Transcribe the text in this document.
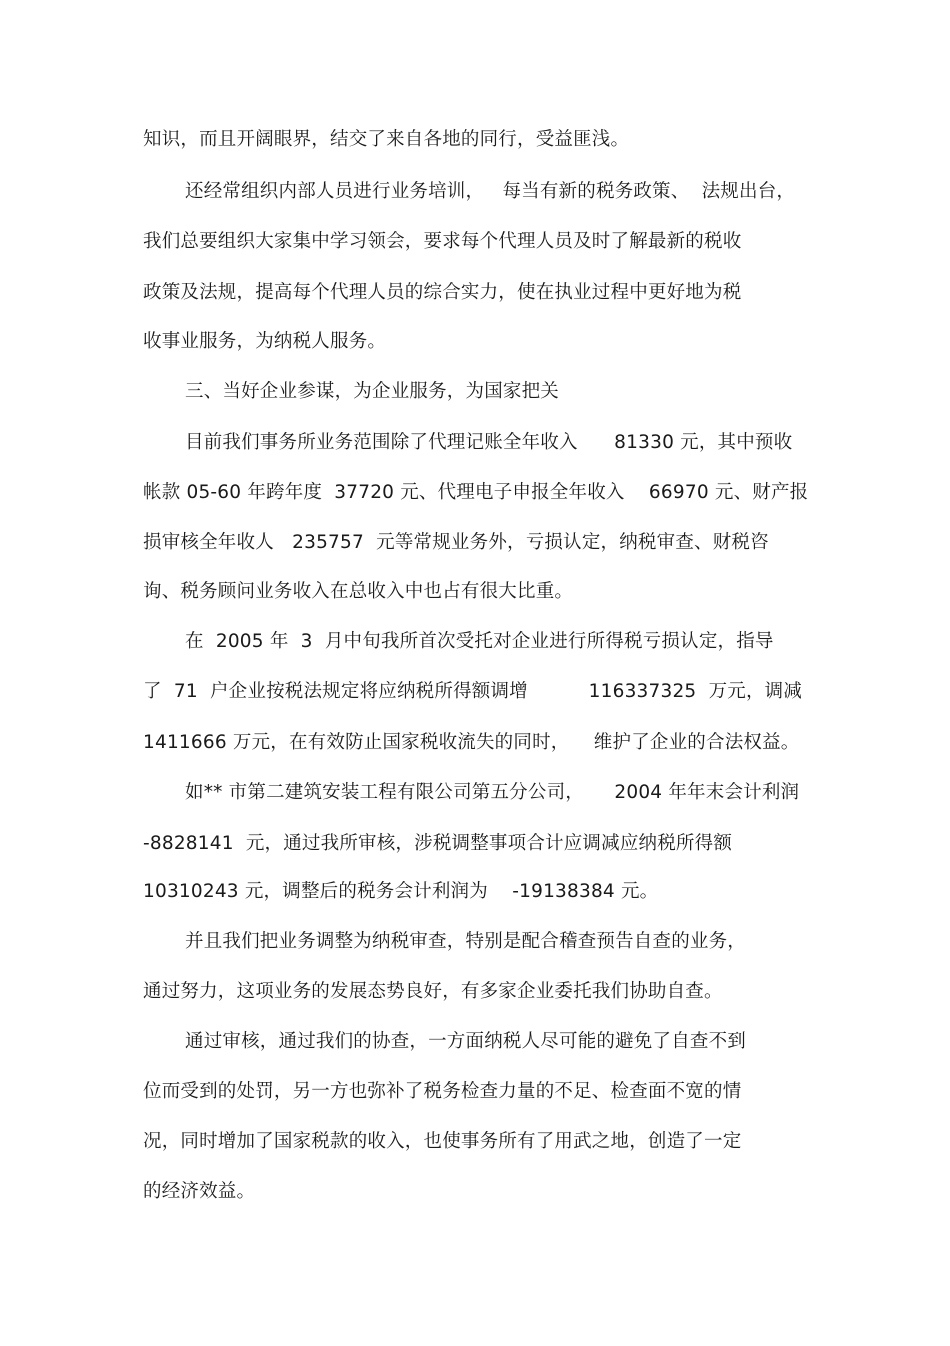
知识，而且开阔眼界，结交了来自各地的同行，受益匪浅。
还经常组织内部人员进行业务培训，   每当有新的税务政策、  法规出台，
我们总要组织大家集中学习领会，要求每个代理人员及时了解最新的税收
政策及法规，提高每个代理人员的综合实力，使在执业过程中更好地为税
收事业服务，为纳税人服务。
三、当好企业参谋，为企业服务，为国家把关
目前我们事务所业务范围除了代理记账全年收入      81330 元，其中预收
帐款 05-60 年跨年度  37720 元、代理电子申报全年收入    66970 元、财产报
损审核全年收人   235757  元等常规业务外，亏损认定，纳税审查、财税咨
询、税务顾问业务收入在总收入中也占有很大比重。
在  2005 年  3  月中旬我所首次受托对企业进行所得税亏损认定，指导
了  71  户企业按税法规定将应纳税所得额调增          116337325  万元，调减
1411666 万元，在有效防止国家税收流失的同时，    维护了企业的合法权益。
如** 市第二建筑安装工程有限公司第五分公司，     2004 年年末会计利润
-8828141  元，通过我所审核，涉税调整事项合计应调减应纳税所得额
10310243 元，调整后的税务会计利润为    -19138384 元。
并且我们把业务调整为纳税审查，特别是配合稽查预告自查的业务，
通过努力，这项业务的发展态势良好，有多家企业委托我们协助自查。
通过审核，通过我们的协查，一方面纳税人尽可能的避免了自查不到
位而受到的处罚，另一方也弥补了税务检查力量的不足、检查面不宽的情
况，同时增加了国家税款的收入，也使事务所有了用武之地，创造了一定
的经济效益。
